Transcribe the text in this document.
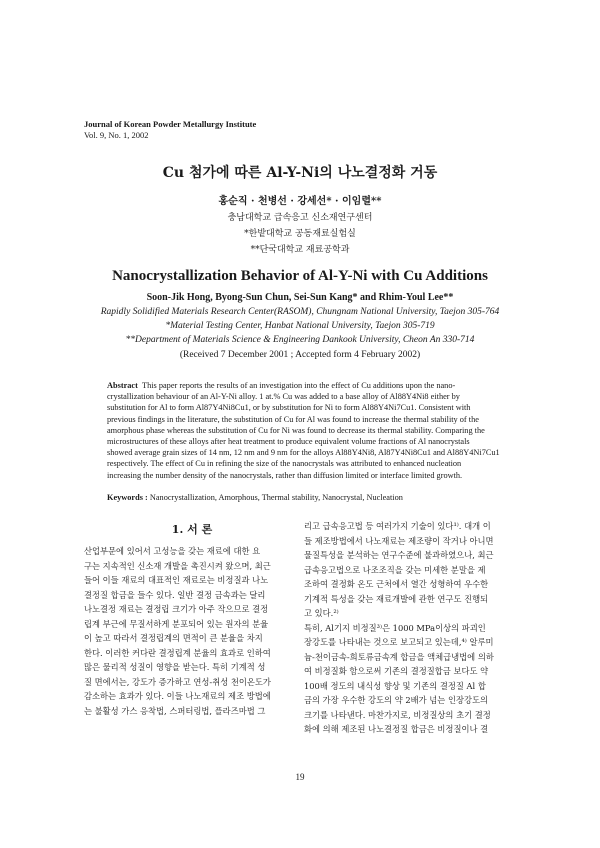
Journal of Korean Powder Metallurgy Institute
Vol. 9, No. 1, 2002
Cu 첨가에 따른 Al-Y-Ni의 나노결정화 거동
홍순직 · 천병선 · 강세선* · 이임렬**
충남대학교 급속응고 신소재연구센터
*한밭대학교 공동재료실험실
**단국대학교 재료공학과
Nanocrystallization Behavior of Al-Y-Ni with Cu Additions
Soon-Jik Hong, Byong-Sun Chun, Sei-Sun Kang* and Rhim-Youl Lee**
Rapidly Solidified Materials Research Center(RASOM), Chungnam National University, Taejon 305-764
*Material Testing Center, Hanbat National University, Taejon 305-719
**Department of Materials Science & Engineering Dankook University, Cheon An 330-714
(Received 7 December 2001 ; Accepted form 4 February 2002)
Abstract This paper reports the results of an investigation into the effect of Cu additions upon the nano-
crystallization behaviour of an Al-Y-Ni alloy. 1 at.% Cu was added to a base alloy of Al88Y4Ni8 either by
substitution for Al to form Al87Y4Ni8Cu1, or by substitution for Ni to form Al88Y4Ni7Cu1. Consistent with
previous findings in the literature, the substitution of Cu for Al was found to increase the thermal stability of the
amorphous phase whereas the substitution of Cu for Ni was found to decrease its thermal stability. Comparing the
microstructures of these alloys after heat treatment to produce equivalent volume fractions of Al nanocrystals
showed average grain sizes of 14 nm, 12 nm and 9 nm for the alloys Al88Y4Ni8, Al87Y4Ni8Cu1 and Al88Y4Ni7Cu1
respectively. The effect of Cu in refining the size of the nanocrystals was attributed to enhanced nucleation
increasing the number density of the nanocrystals, rather than diffusion limited or interface limited growth.
Keywords : Nanocrystallization, Amorphous, Thermal stability, Nanocrystal, Nucleation
1. 서 론
산업부문에 있어서 고성능을 갖는 재료에 대한 요
구는 지속적인 신소재 개발을 촉진시켜 왔으며, 최근
들어 이들 재료의 대표적인 재료로는 비정질과 나노
결정질 합금을 들수 있다. 일반 결정 금속과는 달리
나노결정 재료는 결정립 크기가 아주 작으므로 결정
립계 부근에 무질서하게 분포되어 있는 원자의 분율
이 높고 따라서 결정립계의 면적이 큰 분율을 차지
한다. 이러한 커다란 결정립계 분율의 효과로 인하여
많은 물리적 성질이 영향을 받는다. 특히 기계적 성
질 면에서는, 강도가 증가하고 연성-취성 천이온도가
감소하는 효과가 있다. 이들 나노재료의 제조 방법에
는 불활성 가스 응착법, 스퍼터링법, 플라즈마법 그
리고 급속응고법 등 여러가지 기술이 있다¹⁾. 대개 이
들 제조방법에서 나노재료는 제조량이 작거나 아니면
물질특성을 분석하는 연구수준에 불과하였으나, 최근
급속응고법으로 나조조직을 갖는 미세한 분말을 제
조하여 결정화 온도 근처에서 열간 성형하여 우수한
기계적 특성을 갖는 재료개발에 관한 연구도 진행되
고 있다.²⁾
특히, Al기지 비정질³⁾은 1000 MPa이상의 파괴인
장강도를 나타내는 것으로 보고되고 있는데,⁴⁾ 알루미
늄-천이금속-희토류금속계 합금을 액체급냉법에 의하
여 비정질화 함으로써 기존의 결정질합금 보다도 약
100배 정도의 내식성 향상 및 기존의 결정질 Al 합
금의 가장 우수한 강도의 약 2배가 넘는 인장강도의
크기를 나타낸다. 마찬가지로, 비정질상의 초기 결정
화에 의해 제조된 나노결정질 합금은 비정질이나 결
19
